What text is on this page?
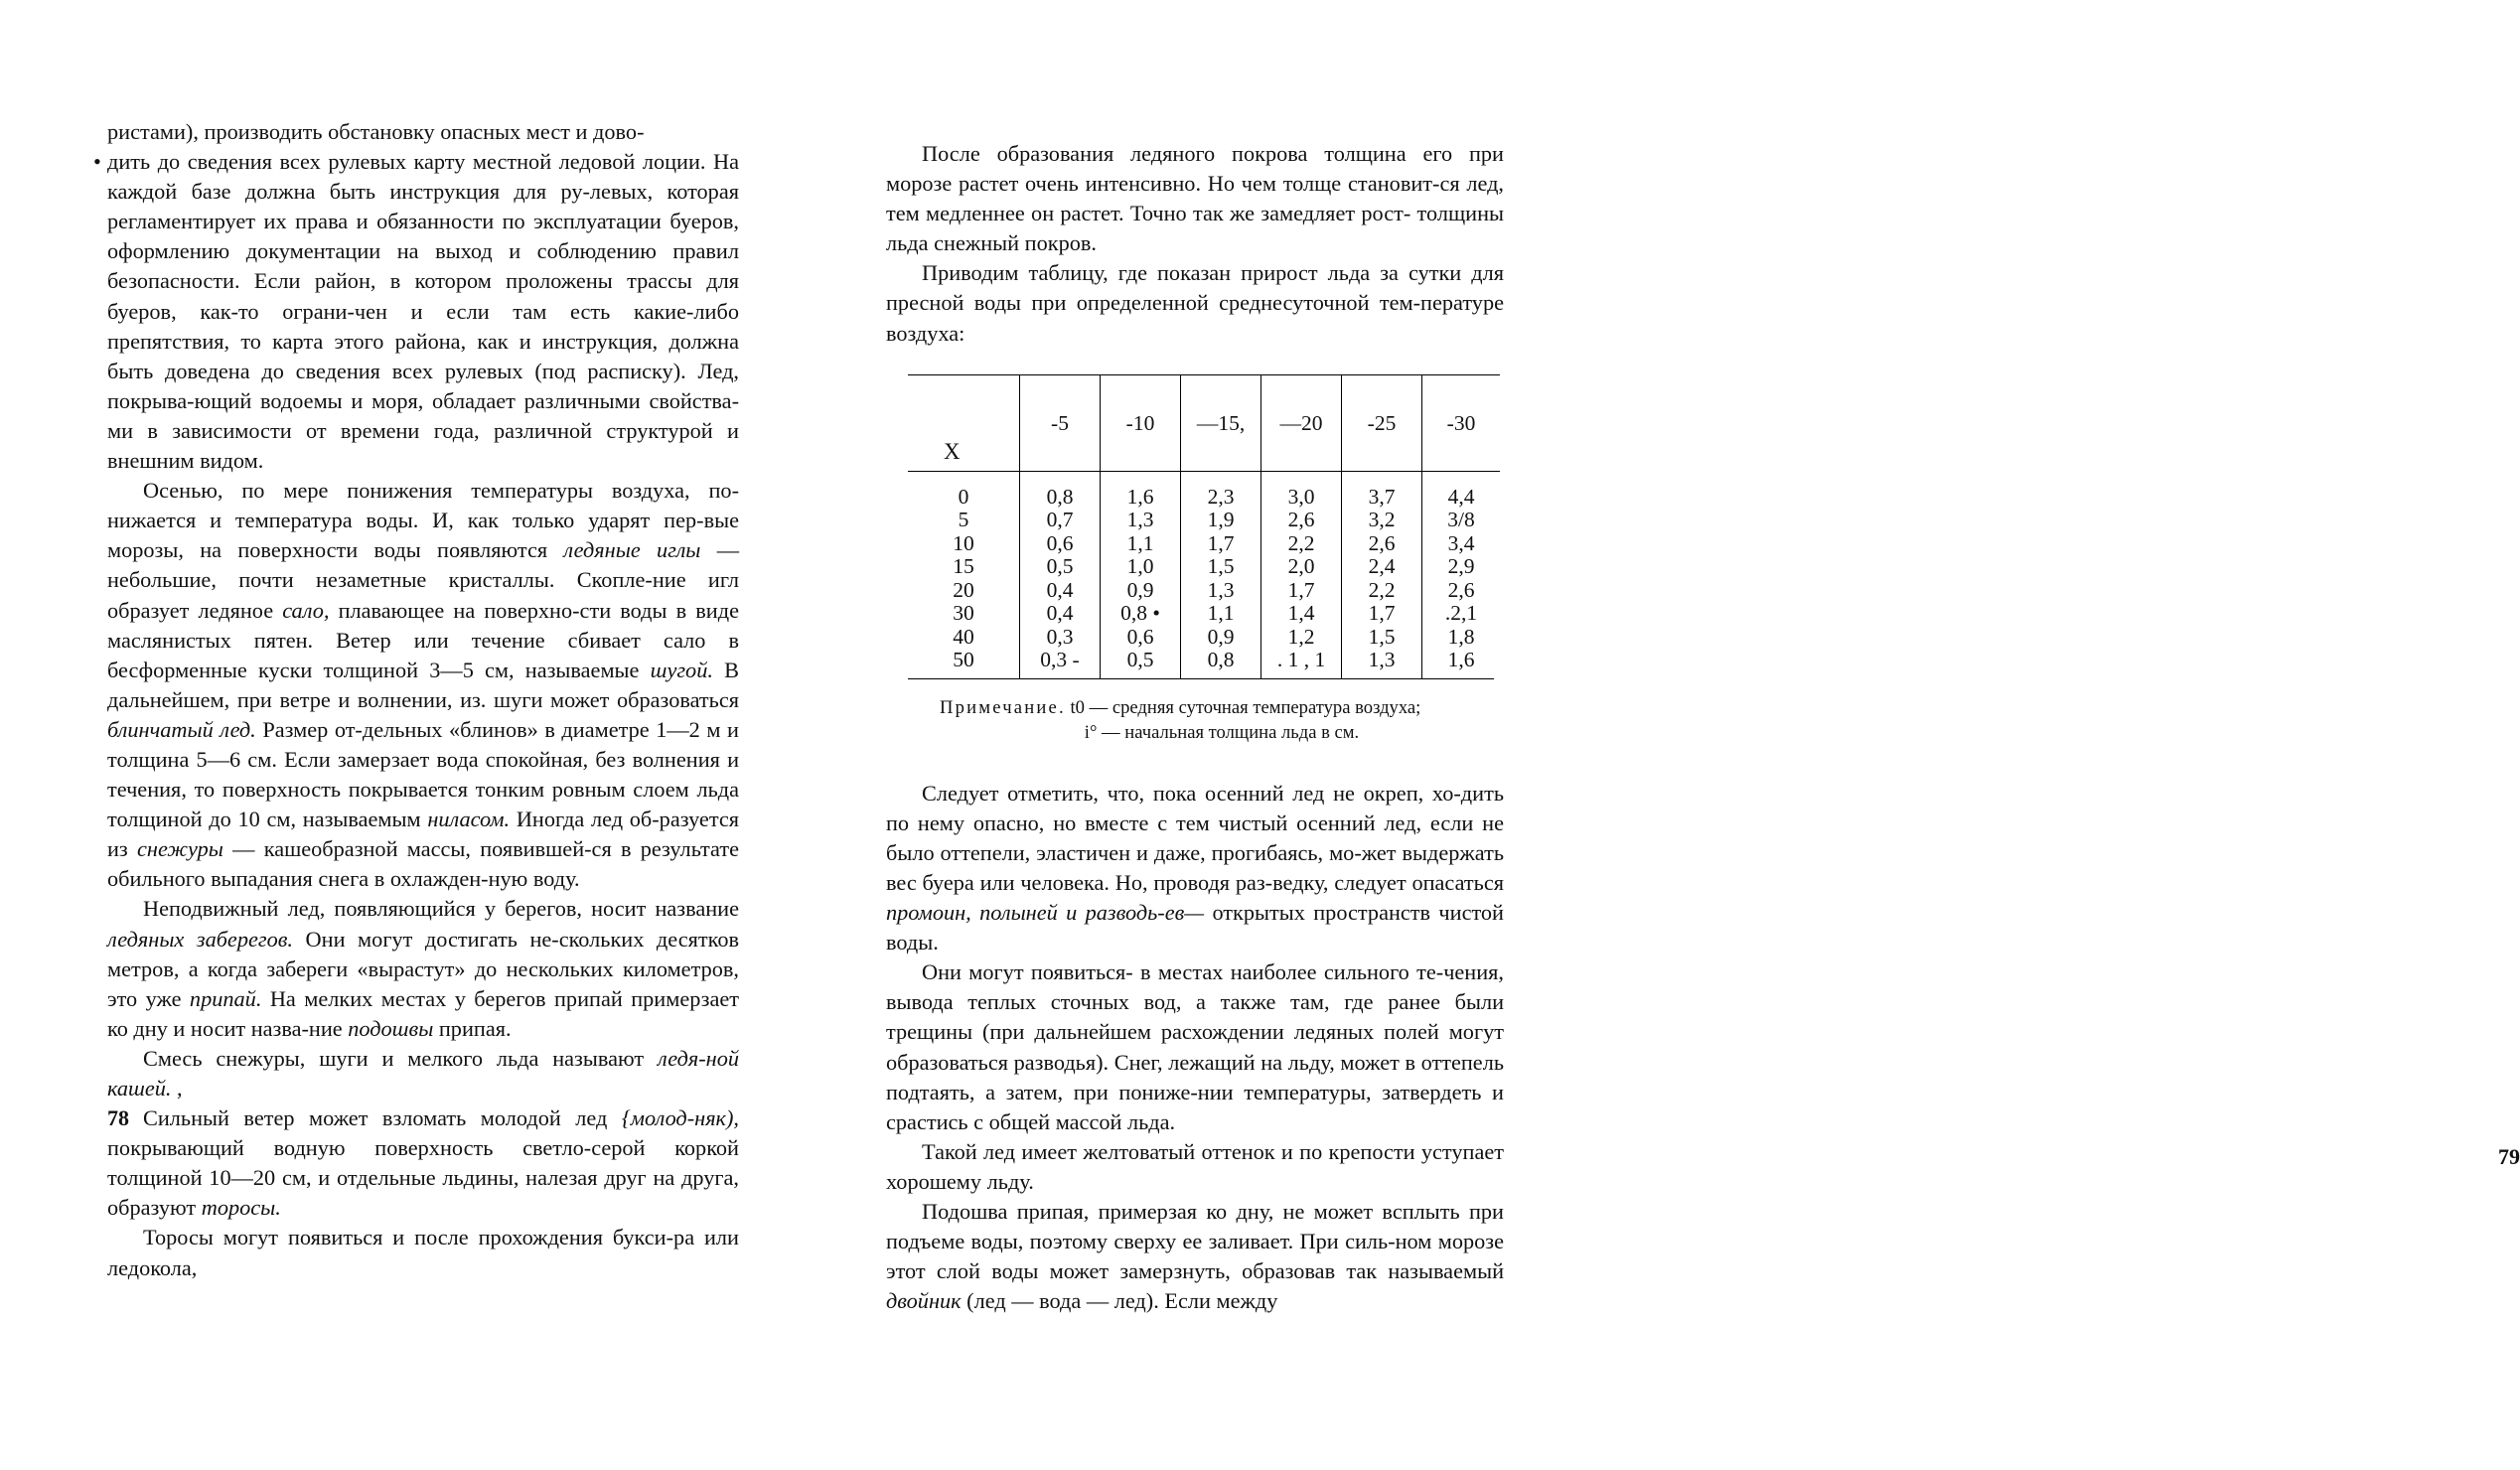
ристами), производить обстановку опасных мест и дово-

• дить до сведения всех рулевых карту местной ледовой лоции. На каждой базе должна быть инструкция для ру-левых, которая регламентирует их права и обязанности по эксплуатации буеров, оформлению документации на выход и соблюдению правил безопасности. Если район, в котором проложены трассы для буеров, как-то ограни-чен и если там есть какие-либо препятствия, то карта этого района, как и инструкция, должна быть доведена до сведения всех рулевых (под расписку). Лед, покрыва-ющий водоемы и моря, обладает различными свойства-ми в зависимости от времени года, различной структурой и внешним видом.

Осенью, по мере понижения температуры воздуха, по-нижается и температура воды. И, как только ударят пер-вые морозы, на поверхности воды появляются ледяные иглы — небольшие, почти незаметные кристаллы. Скопле-ние игл образует ледяное сало, плавающее на поверхно-сти воды в виде маслянистых пятен. Ветер или течение сбивает сало в бесформенные куски толщиной 3—5 см, называемые шугой. В дальнейшем, при ветре и волнении, из. шуги может образоваться блинчатый лед. Размер от-дельных «блинов» в диаметре 1—2 м и толщина 5—6 см. Если замерзает вода спокойная, без волнения и течения, то поверхность покрывается тонким ровным слоем льда толщиной до 10 см, называемым ниласом. Иногда лед об-разуется из снежуры — кашеобразной массы, появившей-ся в результате обильного выпадания снега в охлажден-ную воду.

Неподвижный лед, появляющийся у берегов, носит название ледяных заберегов. Они могут достигать не-скольких десятков метров, а когда забереги «вырастут» до нескольких километров, это уже припай. На мелких местах у берегов припай примерзает ко дну и носит назва-ние подошвы припая.

Смесь снежуры, шуги и мелкого льда называют ледя-ной кашей. ,

Сильный ветер может взломать молодой лед {молод-няк), покрывающий водную поверхность светло-серой коркой толщиной 10—20 см, и отдельные льдины, налезая друг на друга, образуют торосы.

Торосы могут появиться и после прохождения букси-ра или ледокола,

78

После образования ледяного покрова толщина его при морозе растет очень интенсивно. Но чем толще становит-ся лед, тем медленнее он растет. Точно так же замедляет рост- толщины льда снежный покров.

Приводим таблицу, где показан прирост льда за сутки для пресной воды при определенной среднесуточной тем-пературе воздуха:

X	-5	-10	—15,	—20	-25	-30
0	0,8	1,6	2,3	3,0	3,7	4,4
5	0,7	1,3	1,9	2,6	3,2	3/8
10	0,6	1,1	1,7	2,2	2,6	3,4
15	0,5	1,0	1,5	2,0	2,4	2,9
20	0,4	0,9	1,3	1,7	2,2	2,6
30	0,4	0,8 •	1,1	1,4	1,7	.2,1
40	0,3	0,6	0,9	1,2	1,5	1,8
50	0,3 -	0,5	0,8	. 1 , 1	1,3	1,6
Примечание. t0 — средняя суточная температура воздуха;
i° — начальная толщина льда в см.

Следует отметить, что, пока осенний лед не окреп, хо-дить по нему опасно, но вместе с тем чистый осенний лед, если не было оттепели, эластичен и даже, прогибаясь, мо-жет выдержать вес буера или человека. Но, проводя раз-ведку, следует опасаться промоин, полыней и разводь-ев— открытых пространств чистой воды.

Они могут появиться- в местах наиболее сильного те-чения, вывода теплых сточных вод, а также там, где ранее были трещины (при дальнейшем расхождении ледяных полей могут образоваться разводья). Снег, лежащий на льду, может в оттепель подтаять, а затем, при пониже-нии температуры, затвердеть и срастись с общей массой льда.

Такой лед имеет желтоватый оттенок и по крепости уступает хорошему льду.

Подошва припая, примерзая ко дну, не может всплыть при подъеме воды, поэтому сверху ее заливает. При силь-ном морозе этот слой воды может замерзнуть, образовав так называемый двойник (лед — вода — лед). Если между

79
